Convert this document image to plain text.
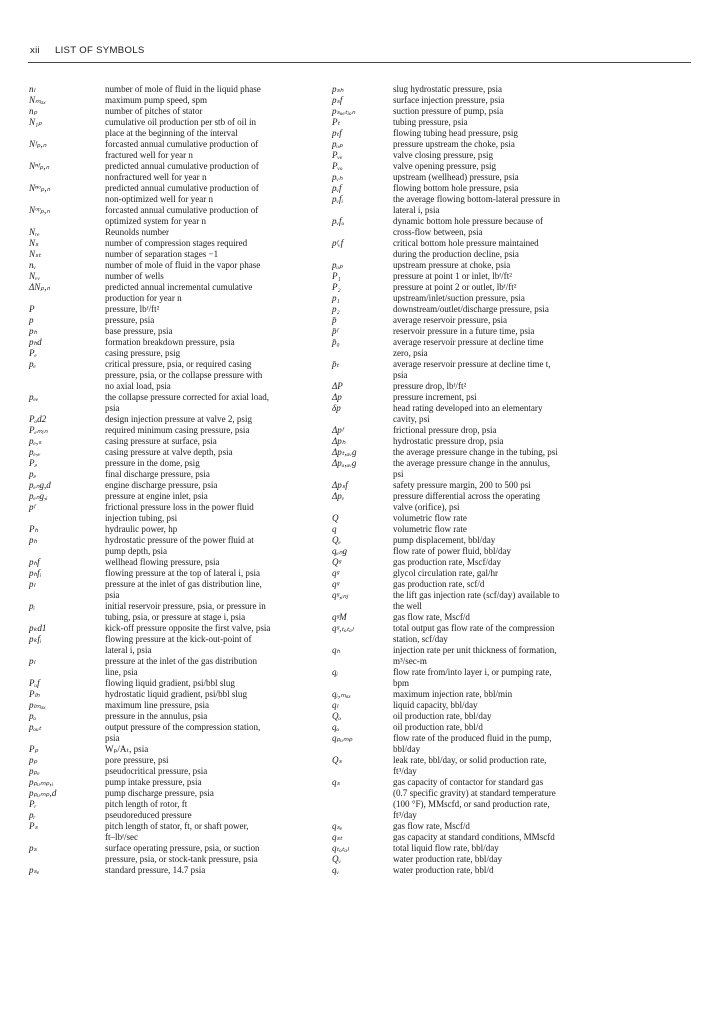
xii LIST OF SYMBOLS
nₗ	number of mole of fluid in the liquid phase
Nₘₐₓ	maximum pump speed, spm
nₚ	number of pitches of stator
N₁ₚ	cumulative oil production per stb of oil in
place at the beginning of the interval
Nᶠₚ,ₙ	forcasted annual cumulative production of
fractured well for year n
Nⁿᶠₚ,ₙ	predicted annual cumulative production of
nonfractured well for year n
Nⁿᵒₚ,ₙ	predicted annual cumulative production of
non-optimized well for year n
Nᵒᵖₚ,ₙ	forcasted annual cumulative production of
optimized system for year n
Nᵣₑ	Reunolds number
Nₛ	number of compression stages required
Nₛₜ	number of separation stages −1
nᵥ	number of mole of fluid in the vapor phase
Nᵥᵥ	number of wells
ΔNₚ,ₙ	predicted annual incremental cumulative
production for year n
P	pressure, lbᶠ/ft²
p	pressure, psia
pₕ	base pressure, psia
pₕd	formation breakdown pressure, psia
Pₑ	casing pressure, psig
pₑ	critical pressure, psia, or required casing
pressure, psia, or the collapse pressure with
no axial load, psia
pₑₑ	the collapse pressure corrected for axial load,
psia
Pₒd2	design injection pressure at valve 2, psig
Pₑₘᵢₙ	required minimum casing pressure, psia
pₑ,ₛ	casing pressure at surface, psia
pₑ,ᵥ	casing pressure at valve depth, psia
Pₔ	pressure in the dome, psig
pₔ	final discharge pressure, psia
pₑₙg,d	engine discharge pressure, psia
pₑₙg,ᵢ	pressure at engine inlet, psia
pᶠ	frictional pressure loss in the power fluid
injection tubing, psi
Pₕ	hydraulic power, hp
pₕ	hydrostatic pressure of the power fluid at
pump depth, psia
pₕf	wellhead flowing pressure, psia
pₕfᵢ	flowing pressure at the top of lateral i, psia
pₗ	pressure at the inlet of gas distribution line,
psia
pᵢ	initial reservoir pressure, psia, or pressure in
tubing, psia, or pressure at stage i, psia
pₖd1	kick-off pressure opposite the first valve, psia
pₖfᵢ	flowing pressure at the kick-out-point of
lateral i, psia
pₗ	pressure at the inlet of the gas distribution
line, psia
Pᵤf	flowing liquid gradient, psi/bbl slug
Pₗₕ	hydrostatic liquid gradient, psi/bbl slug
pₗₘₐₓ	maximum line pressure, psia
pₒ	pressure in the annulus, psia
pₒᵤₜ	output pressure of the compression station,
psia
Pₚ	Wₚ/Aₜ, psia
pₚ	pore pressure, psi
pₚₑ	pseudocritical pressure, psia
pₚᵤₘₚ,ᵢ	pump intake pressure, psia
pₚᵤₘₚ,d	pump discharge pressure, psia
Pᵣ	pitch length of rotor, ft
pᵣ	pseudoreduced pressure
Pₛ	pitch length of stator, ft, or shaft power,
ft–lbᶠ/sec
pₛ	surface operating pressure, psia, or suction
pressure, psia, or stock-tank pressure, psia
pₛₑ	standard pressure, 14.7 psia
pₛₕ	slug hydrostatic pressure, psia
pₛf	surface injection pressure, psia
pₛᵤₑₜᵢₒₙ	suction pressure of pump, psia
Pₜ	tubing pressure, psia
pₜf	flowing tubing head pressure, psig
pᵤₚ	pressure upstream the choke, psia
Pᵥₑ	valve closing pressure, psig
Pᵥₒ	valve opening pressure, psig
pᵥₕ	upstream (wellhead) pressure, psia
pᵥf	flowing bottom hole pressure, psia
pᵥfᵢ	the average flowing bottom-lateral pressure in
lateral i, psia
pᵥfₒ	dynamic bottom hole pressure because of
cross-flow between, psia
pᶠᵥf	critical bottom hole pressure maintained
during the production decline, psia
pᵤₚ	upstream pressure at choke, psia
P₁	pressure at point 1 or inlet, lbᶠ/ft²
P₂	pressure at point 2 or outlet, lbᶠ/ft²
p₁	upstream/inlet/suction pressure, psia
p₂	downstream/outlet/discharge pressure, psia
p̄	average reservoir pressure, psia
p̄ᶠ	reservoir pressure in a future time, psia
p̄₀	average reservoir pressure at decline time
zero, psia
p̄ₜ	average reservoir pressure at decline time t,
psia
ΔP	pressure drop, lbᶠ/ft²
Δp	pressure increment, psi
δp	head rating developed into an elementary
cavity, psi
Δpᶠ	frictional pressure drop, psia
Δpₕ	hydrostatic pressure drop, psia
Δpₜ,ₐᵥg	the average pressure change in the tubing, psi
Δpₐ,ₐᵥg	the average pressure change in the annulus,
psi
Δpₛf	safety pressure margin, 200 to 500 psi
Δpᵥ	pressure differential across the operating
valve (orifice), psi
Q	volumetric flow rate
q	volumetric flow rate
Qₑ	pump displacement, bbl/day
qₑₙg	flow rate of power fluid, bbl/day
Qᵍ	gas production rate, Mscf/day
qᵍ	glycol circulation rate, gal/hr
qᵍ	gas production rate, scf/d
qᵍ,ᵢₙⱼ	the lift gas injection rate (scf/day) available to
the well
qᵍM	gas flow rate, Mscf/d
qᵍ,ₜₒₜₐₗ	total output gas flow rate of the compression
station, scf/day
qₕ	injection rate per unit thickness of formation,
m³/sec-m
qᵢ	flow rate from/into layer i, or pumping rate,
bpm
qᵢ,ₘₐₓ	maximum injection rate, bbl/min
qₗ	liquid capacity, bbl/day
Qₒ	oil production rate, bbl/day
qₒ	oil production rate, bbl/d
qₚᵤₘₚ	flow rate of the produced fluid in the pump,
bbl/day
Qₛ	leak rate, bbl/day, or solid production rate,
ft³/day
qₛ	gas capacity of contactor for standard gas
(0.7 specific gravity) at standard temperature
(100 °F), MMscfd, or sand production rate,
ft³/day
qₛₑ	gas flow rate, Mscf/d
qₛₜ	gas capacity at standard conditions, MMscfd
qₜₒₜₐₗ	total liquid flow rate, bbl/day
Qᵥ	water production rate, bbl/day
qᵥ	water production rate, bbl/d
